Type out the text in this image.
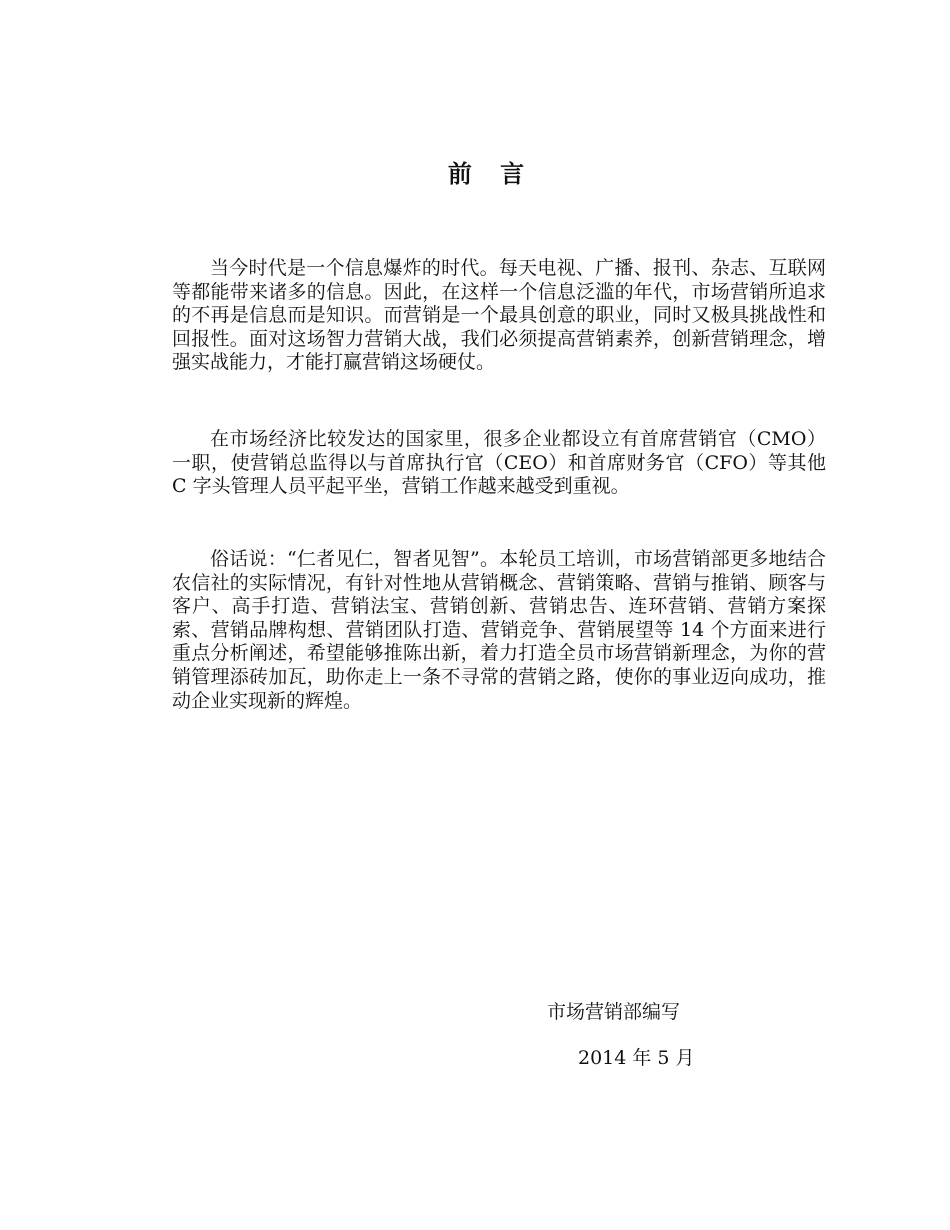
前 言

当今时代是一个信息爆炸的时代。每天电视、广播、报刊、杂志、互联网等都能带来诸多的信息。因此，在这样一个信息泛滥的年代，市场营销所追求的不再是信息而是知识。而营销是一个最具创意的职业，同时又极具挑战性和回报性。面对这场智力营销大战，我们必须提高营销素养，创新营销理念，增强实战能力，才能打赢营销这场硬仗。

在市场经济比较发达的国家里，很多企业都设立有首席营销官（CMO）一职，使营销总监得以与首席执行官（CEO）和首席财务官（CFO）等其他 C 字头管理人员平起平坐，营销工作越来越受到重视。

俗话说：“仁者见仁，智者见智”。本轮员工培训，市场营销部更多地结合农信社的实际情况，有针对性地从营销概念、营销策略、营销与推销、顾客与客户、高手打造、营销法宝、营销创新、营销忠告、连环营销、营销方案探索、营销品牌构想、营销团队打造、营销竞争、营销展望等 14 个方面来进行重点分析阐述，希望能够推陈出新，着力打造全员市场营销新理念，为你的营销管理添砖加瓦，助你走上一条不寻常的营销之路，使你的事业迈向成功，推动企业实现新的辉煌。

市场营销部编写

2014 年 5 月
